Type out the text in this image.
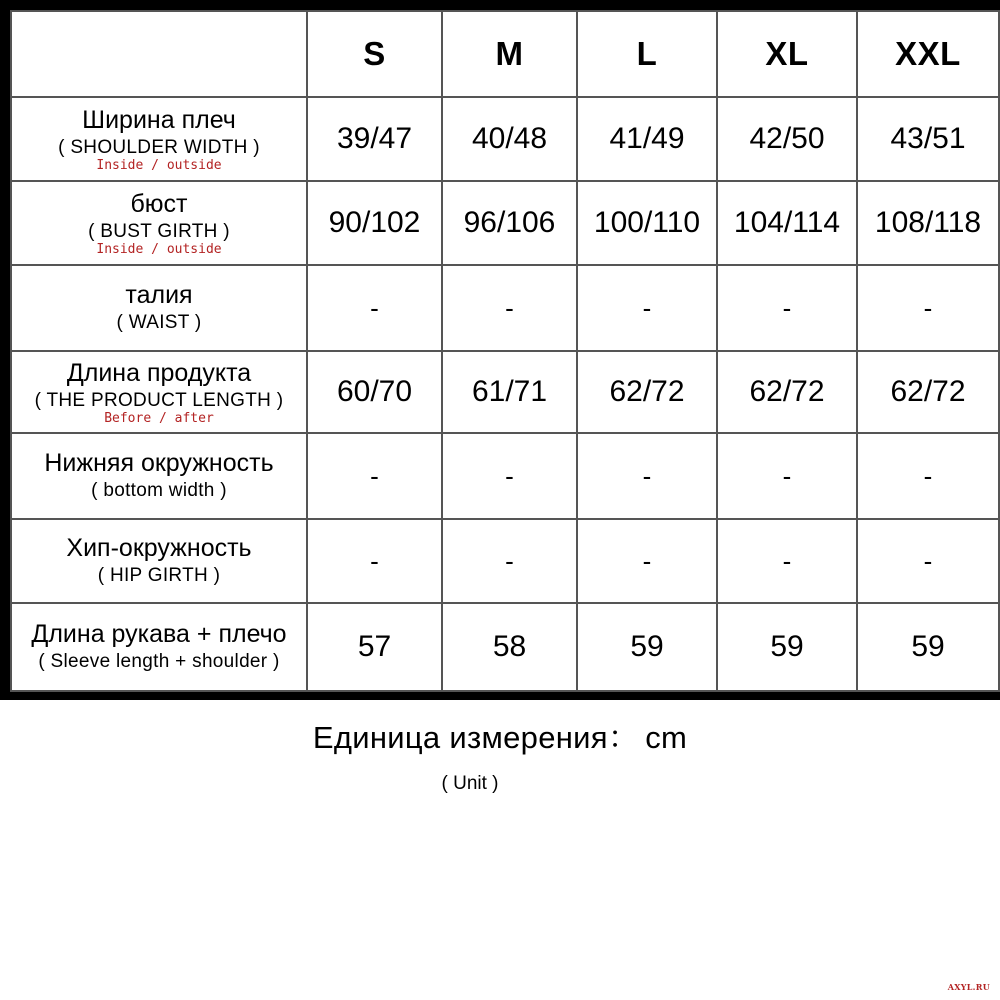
	S	M	L	XL	XXL

Ширина плеч
( SHOULDER WIDTH )
Inside / outside	39/47	40/48	41/49	42/50	43/51

бюст
( BUST GIRTH )
Inside / outside	90/102	96/106	100/110	104/114	108/118

талия
( WAIST )	-	-	-	-	-

Длина продукта
( THE PRODUCT LENGTH )
Before / after	60/70	61/71	62/72	62/72	62/72

Нижняя окружность
( bottom width )	-	-	-	-	-

Хип-окружность
( HIP GIRTH )	-	-	-	-	-

Длина рукава + плечо
( Sleeve length + shoulder )	57	58	59	59	59
Единица измерения： cm
( Unit )
AXYL.RU
